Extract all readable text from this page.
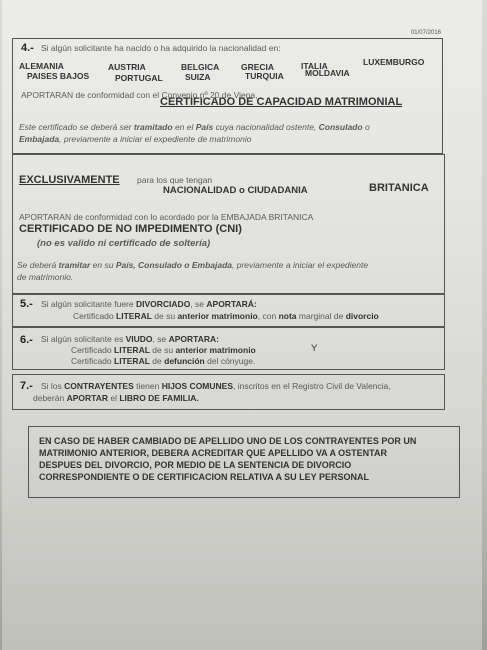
01/07/2016
4.- Si algún solicitante ha nacido o ha adquirido la nacionalidad en:
ALEMANIA	AUSTRIA	BELGICA	GRECIA	ITALIA	LUXEMBURGO
PAISES BAJOS	PORTUGAL	SUIZA	TURQUIA	MOLDAVIA
APORTARAN de conformidad con el Convenio nº 20 de Viena,
CERTIFICADO DE CAPACIDAD MATRIMONIAL
Este certificado se deberá ser tramitado en el País cuya nacionalidad ostente, Consulado o
Embajada, previamente a iniciar el expediente de matrimonio
EXCLUSIVAMENTE para los que tengan
NACIONALIDAD o CIUDADANIA	BRITANICA
APORTARAN de conformidad con lo acordado por la EMBAJADA BRITANICA
CERTIFICADO DE NO IMPEDIMENTO (CNI)
(no es valido ni certificado de soltería)
Se deberá tramitar en su País, Consulado o Embajada, previamente a iniciar el expediente
de matrimonio.
5.- Si algún solicitante fuere DIVORCIADO, se APORTARÁ:
Certificado LITERAL de su anterior matrimonio, con nota marginal de divorcio
6.- Si algún solicitante es VIUDO, se APORTARA:
Certificado LITERAL de su anterior matrimonio	Y
Certificado LITERAL de defunción del cónyuge.
7.- Si los CONTRAYENTES tienen HIJOS COMUNES, inscritos en el Registro Civil de Valencia,
deberán APORTAR el LIBRO DE FAMILIA.
EN CASO DE HABER CAMBIADO DE APELLIDO UNO DE LOS CONTRAYENTES POR UN
MATRIMONIO ANTERIOR, DEBERA ACREDITAR QUE APELLIDO VA A OSTENTAR
DESPUES DEL DIVORCIO, POR MEDIO DE LA SENTENCIA DE DIVORCIO
CORRESPONDIENTE O DE CERTIFICACION RELATIVA A SU LEY PERSONAL
